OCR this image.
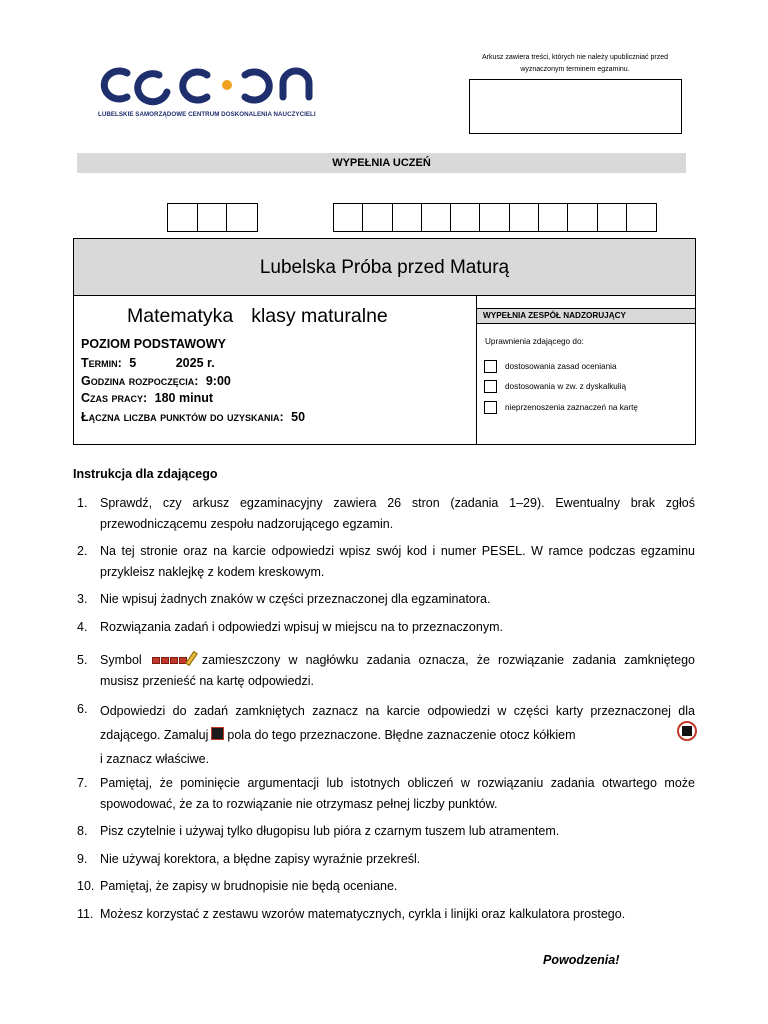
LUBELSKIE SAMORZĄDOWE CENTRUM DOSKONALENIA NAUCZYCIELI
Arkusz zawiera treści, których nie należy upubliczniać przed wyznaczonym terminem egzaminu.
WYPEŁNIA UCZEŃ
Lubelska Próba przed Maturą
Matematyka klasy maturalne
POZIOM PODSTAWOWY
Termin: 5	2025 r.
Godzina rozpoczęcia: 9:00
Czas pracy: 180 minut
Łączna liczba punktów do uzyskania: 50
WYPEŁNIA ZESPÓŁ NADZORUJĄCY
Uprawnienia zdającego do:
dostosowania zasad oceniania
dostosowania w zw. z dyskalkulią
nieprzenoszenia zaznaczeń na kartę
Instrukcja dla zdającego
1. Sprawdź, czy arkusz egzaminacyjny zawiera 26 stron (zadania 1–29). Ewentualny brak zgłoś przewodniczącemu zespołu nadzorującego egzamin.
2. Na tej stronie oraz na karcie odpowiedzi wpisz swój kod i numer PESEL. W ramce podczas egzaminu przykleisz naklejkę z kodem kreskowym.
3. Nie wpisuj żadnych znaków w części przeznaczonej dla egzaminatora.
4. Rozwiązania zadań i odpowiedzi wpisuj w miejscu na to przeznaczonym.
5. Symbol	zamieszczony w nagłówku zadania oznacza, że rozwiązanie zadania zamkniętego musisz przenieść na kartę odpowiedzi.
6. Odpowiedzi do zadań zamkniętych zaznacz na karcie odpowiedzi w części karty przeznaczonej dla zdającego. Zamaluj pola do tego przeznaczone. Błędne zaznaczenie otocz kółkiem
i zaznacz właściwe.
7. Pamiętaj, że pominięcie argumentacji lub istotnych obliczeń w rozwiązaniu zadania otwartego może spowodować, że za to rozwiązanie nie otrzymasz pełnej liczby punktów.
8. Pisz czytelnie i używaj tylko długopisu lub pióra z czarnym tuszem lub atramentem.
9. Nie używaj korektora, a błędne zapisy wyraźnie przekreśl.
10. Pamiętaj, że zapisy w brudnopisie nie będą oceniane.
11. Możesz korzystać z zestawu wzorów matematycznych, cyrkla i linijki oraz kalkulatora prostego.
Powodzenia!
